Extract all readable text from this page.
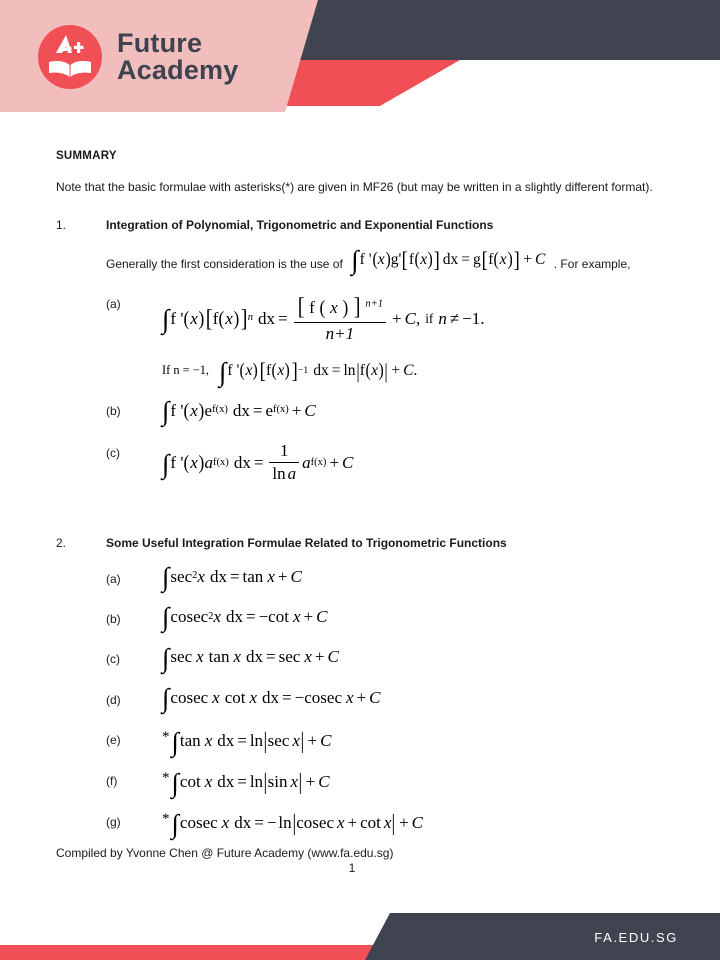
Future
Academy
SUMMARY
Note that the basic formulae with asterisks(*) are given in MF26 (but may be written in a slightly different format).
1.	Integration of Polynomial, Trigonometric and Exponential Functions
Generally the first consideration is the use of ∫ f ' ( x ) g' [ f ( x ) ] dx = g [ f ( x ) ] + C . For example,
(a)	∫ f ' ( x ) [ f ( x ) ] n dx = [ f ( x ) ] $^{n+1}$
n+1
+ C , if n ≠ −1 .
If n = −1, ∫ f ' ( x ) [ f ( x ) ] −1 dx = ln | f ( x ) | + C .
(b)	∫ f ' ( x ) e f(x) dx = e f(x) + C
(c)	∫ f ' ( x ) a f(x) dx = $\frac{1}{\text{ln a}}$ a f(x) + C
2.	Some Useful Integration Formulae Related to Trigonometric Functions
(a)	∫ sec 2 x dx = tan x + C
(b)	∫ cosec 2 x dx = − cot x + C
(c)	∫ sec x tan x dx = sec x + C
(d)	∫ cosec x cot x dx = − cosec x + C
(e)	* ∫ tan x dx = ln | sec x | + C
(f)	* ∫ cot x dx = ln | sin x | + C
(g)	* ∫ cosec x dx = − ln | cosec x + cot x | + C
Compiled by Yvonne Chen @ Future Academy (www.fa.edu.sg)
1
FA.EDU.SG
